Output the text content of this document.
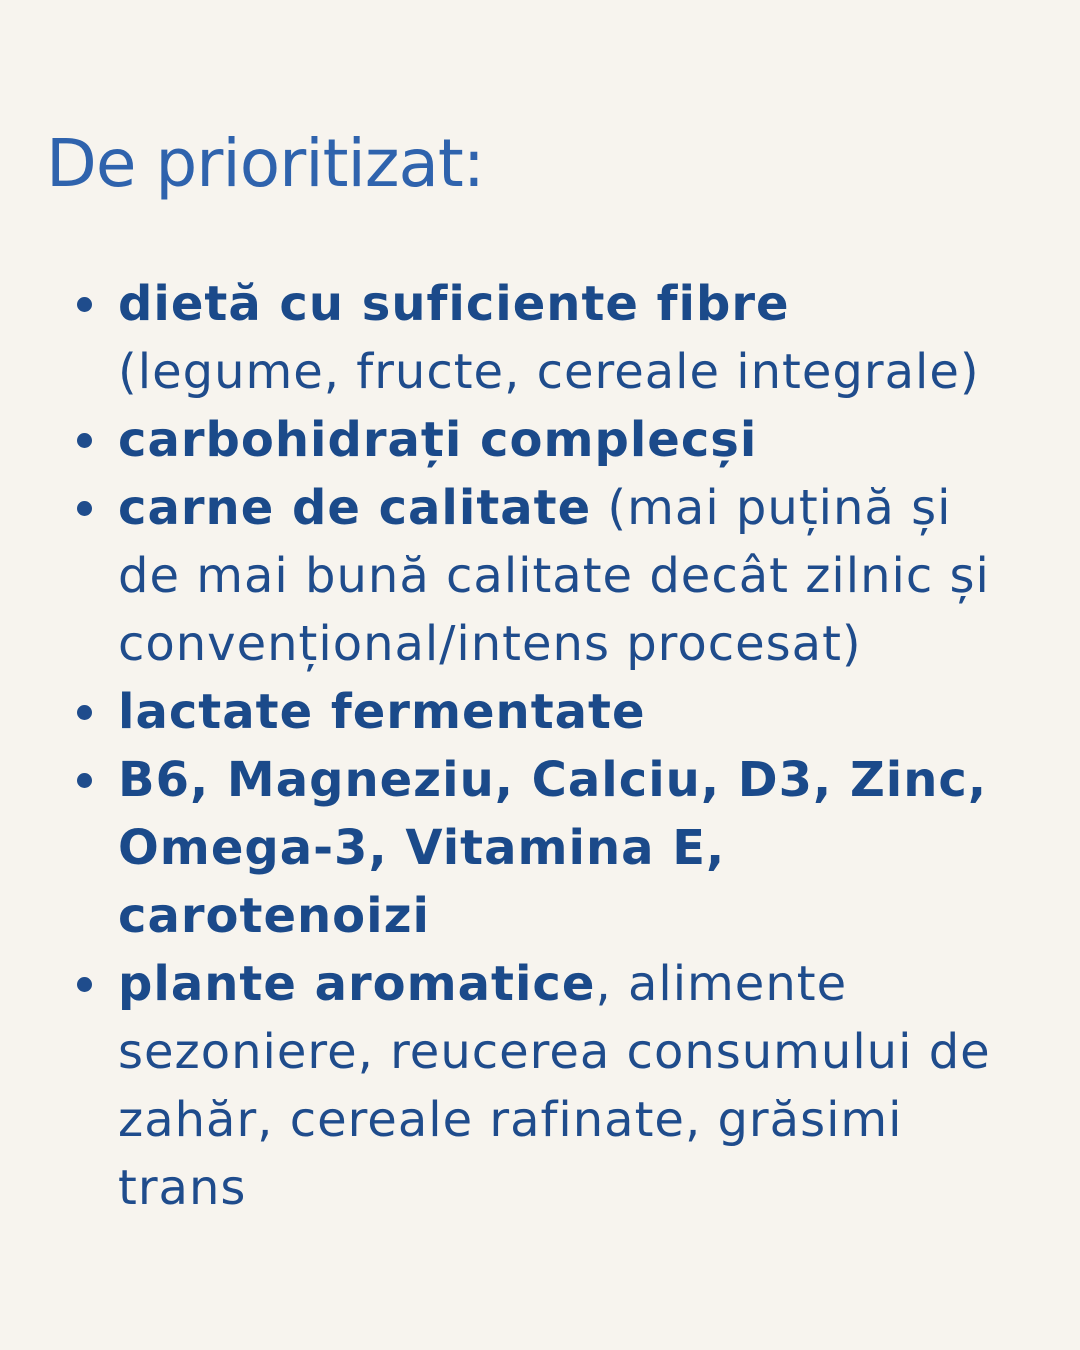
De prioritizat:
dietă cu suficiente fibre
(legume, fructe, cereale integrale)
carbohidrați complecși
carne de calitate (mai puțină și de mai bună calitate decât zilnic și convențional/intens procesat)
lactate fermentate
B6, Magneziu, Calciu, D3, Zinc, Omega-3, Vitamina E, carotenoizi
plante aromatice, alimente sezoniere, reucerea consumului de zahăr, cereale rafinate, grăsimi trans
